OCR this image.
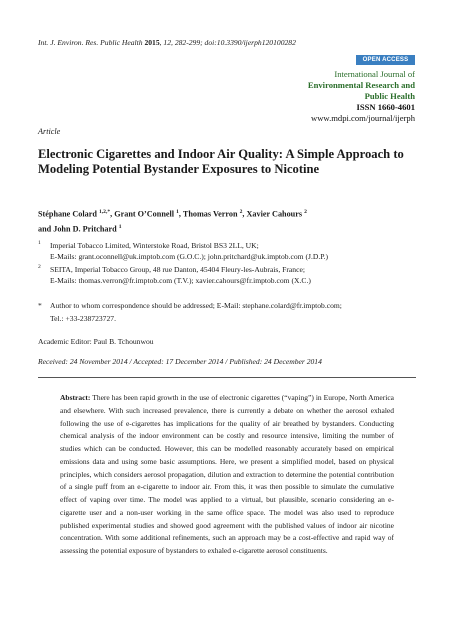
Int. J. Environ. Res. Public Health 2015, 12, 282-299; doi:10.3390/ijerph120100282
OPEN ACCESS
International Journal of
Environmental Research and
Public Health
ISSN 1660-4601
www.mdpi.com/journal/ijerph
Article
Electronic Cigarettes and Indoor Air Quality: A Simple Approach to Modeling Potential Bystander Exposures to Nicotine
Stéphane Colard $^{1,2,*}$, Grant O’Connell $^1$, Thomas Verron $^2$, Xavier Cahours $^2$
and John D. Pritchard $^1$
1 Imperial Tobacco Limited, Winterstoke Road, Bristol BS3 2LL, UK;
E-Mails: grant.oconnell@uk.imptob.com (G.O.C.); john.pritchard@uk.imptob.com (J.D.P.)
2 SEITA, Imperial Tobacco Group, 48 rue Danton, 45404 Fleury-les-Aubrais, France;
E-Mails: thomas.verron@fr.imptob.com (T.V.); xavier.cahours@fr.imptob.com (X.C.)
* Author to whom correspondence should be addressed; E-Mail: stephane.colard@fr.imptob.com;
Tel.: +33-238723727.
Academic Editor: Paul B. Tchounwou
Received: 24 November 2014 / Accepted: 17 December 2014 / Published: 24 December 2014
Abstract: There has been rapid growth in the use of electronic cigarettes (“vaping”) in Europe, North America and elsewhere. With such increased prevalence, there is currently a debate on whether the aerosol exhaled following the use of e-cigarettes has implications for the quality of air breathed by bystanders. Conducting chemical analysis of the indoor environment can be costly and resource intensive, limiting the number of studies which can be conducted. However, this can be modelled reasonably accurately based on empirical emissions data and using some basic assumptions. Here, we present a simplified model, based on physical principles, which considers aerosol propagation, dilution and extraction to determine the potential contribution of a single puff from an e-cigarette to indoor air. From this, it was then possible to simulate the cumulative effect of vaping over time. The model was applied to a virtual, but plausible, scenario considering an e-cigarette user and a non-user working in the same office space. The model was also used to reproduce published experimental studies and showed good agreement with the published values of indoor air nicotine concentration. With some additional refinements, such an approach may be a cost-effective and rapid way of assessing the potential exposure of bystanders to exhaled e-cigarette aerosol constituents.
